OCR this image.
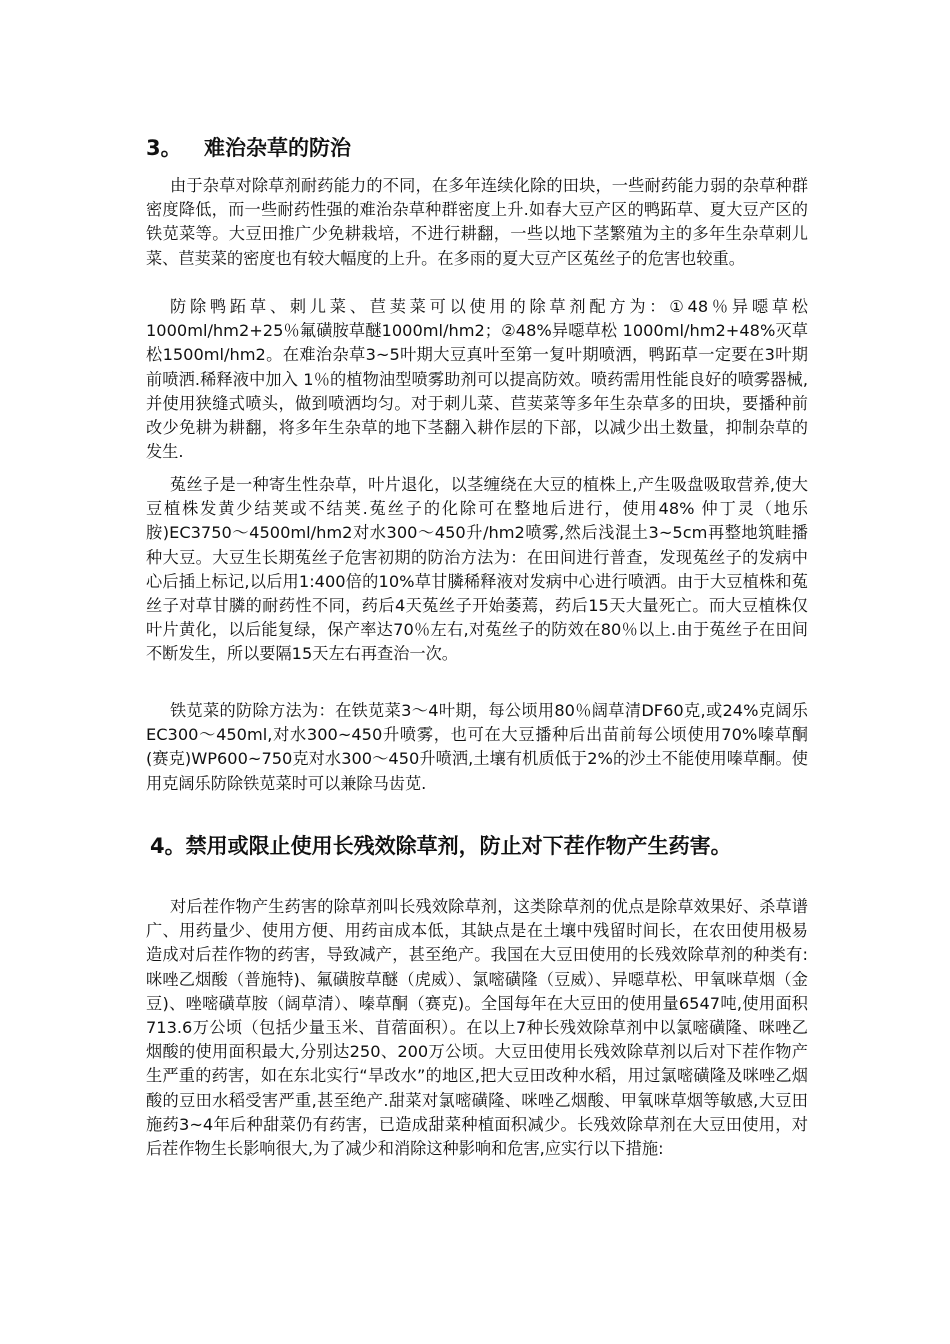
3。 难治杂草的防治

由于杂草对除草剂耐药能力的不同，在多年连续化除的田块，一些耐药能力弱的杂草种群密度降低，而一些耐药性强的难治杂草种群密度上升.如春大豆产区的鸭跖草、夏大豆产区的铁苋菜等。大豆田推广少免耕栽培，不进行耕翻，一些以地下茎繁殖为主的多年生杂草刺儿菜、苣荬菜的密度也有较大幅度的上升。在多雨的夏大豆产区菟丝子的危害也较重。

防除鸭跖草、刺儿菜、苣荬菜可以使用的除草剂配方为：①48％异噁草松1000ml/hm2+25％氟磺胺草醚1000ml/hm2；②48%异噁草松 1000ml/hm2+48%灭草松1500ml/hm2。在难治杂草3~5叶期大豆真叶至第一复叶期喷洒，鸭跖草一定要在3叶期前喷洒.稀释液中加入 1％的植物油型喷雾助剂可以提高防效。喷药需用性能良好的喷雾器械,并使用狭缝式喷头，做到喷洒均匀。对于刺儿菜、苣荬菜等多年生杂草多的田块，要播种前改少免耕为耕翻，将多年生杂草的地下茎翻入耕作层的下部，以减少出土数量，抑制杂草的发生.

菟丝子是一种寄生性杂草，叶片退化，以茎缠绕在大豆的植株上,产生吸盘吸取营养,使大豆植株发黄少结荚或不结荚.菟丝子的化除可在整地后进行，使用48% 仲丁灵（地乐胺)EC3750～4500ml/hm2对水300～450升/hm2喷雾,然后浅混土3~5cm再整地筑畦播种大豆。大豆生长期菟丝子危害初期的防治方法为：在田间进行普查，发现菟丝子的发病中心后插上标记,以后用1:400倍的10%草甘膦稀释液对发病中心进行喷洒。由于大豆植株和菟丝子对草甘膦的耐药性不同，药后4天菟丝子开始萎蔫，药后15天大量死亡。而大豆植株仅叶片黄化，以后能复绿，保产率达70％左右,对菟丝子的防效在80％以上.由于菟丝子在田间不断发生，所以要隔15天左右再查治一次。

铁苋菜的防除方法为：在铁苋菜3～4叶期，每公顷用80％阔草清DF60克,或24%克阔乐EC300～450ml,对水300~450升喷雾，也可在大豆播种后出苗前每公顷使用70%嗪草酮(赛克)WP600~750克对水300～450升喷洒,土壤有机质低于2%的沙土不能使用嗪草酮。使用克阔乐防除铁苋菜时可以兼除马齿苋.

4。禁用或限止使用长残效除草剂，防止对下茬作物产生药害。

对后茬作物产生药害的除草剂叫长残效除草剂，这类除草剂的优点是除草效果好、杀草谱广、用药量少、使用方便、用药亩成本低，其缺点是在土壤中残留时间长，在农田使用极易造成对后茬作物的药害，导致减产，甚至绝产。我国在大豆田使用的长残效除草剂的种类有:咪唑乙烟酸（普施特)、氟磺胺草醚（虎威）、氯嘧磺隆（豆威）、异噁草松、甲氧咪草烟（金豆)、唑嘧磺草胺（阔草清）、嗪草酮（赛克)。全国每年在大豆田的使用量6547吨,使用面积713.6万公顷（包括少量玉米、苜蓿面积）。在以上7种长残效除草剂中以氯嘧磺隆、咪唑乙烟酸的使用面积最大,分别达250、200万公顷。大豆田使用长残效除草剂以后对下茬作物产生严重的药害，如在东北实行“旱改水”的地区,把大豆田改种水稻，用过氯嘧磺隆及咪唑乙烟酸的豆田水稻受害严重,甚至绝产.甜菜对氯嘧磺隆、咪唑乙烟酸、甲氧咪草烟等敏感,大豆田施药3~4年后种甜菜仍有药害，已造成甜菜种植面积减少。长残效除草剂在大豆田使用，对后茬作物生长影响很大,为了减少和消除这种影响和危害,应实行以下措施:
